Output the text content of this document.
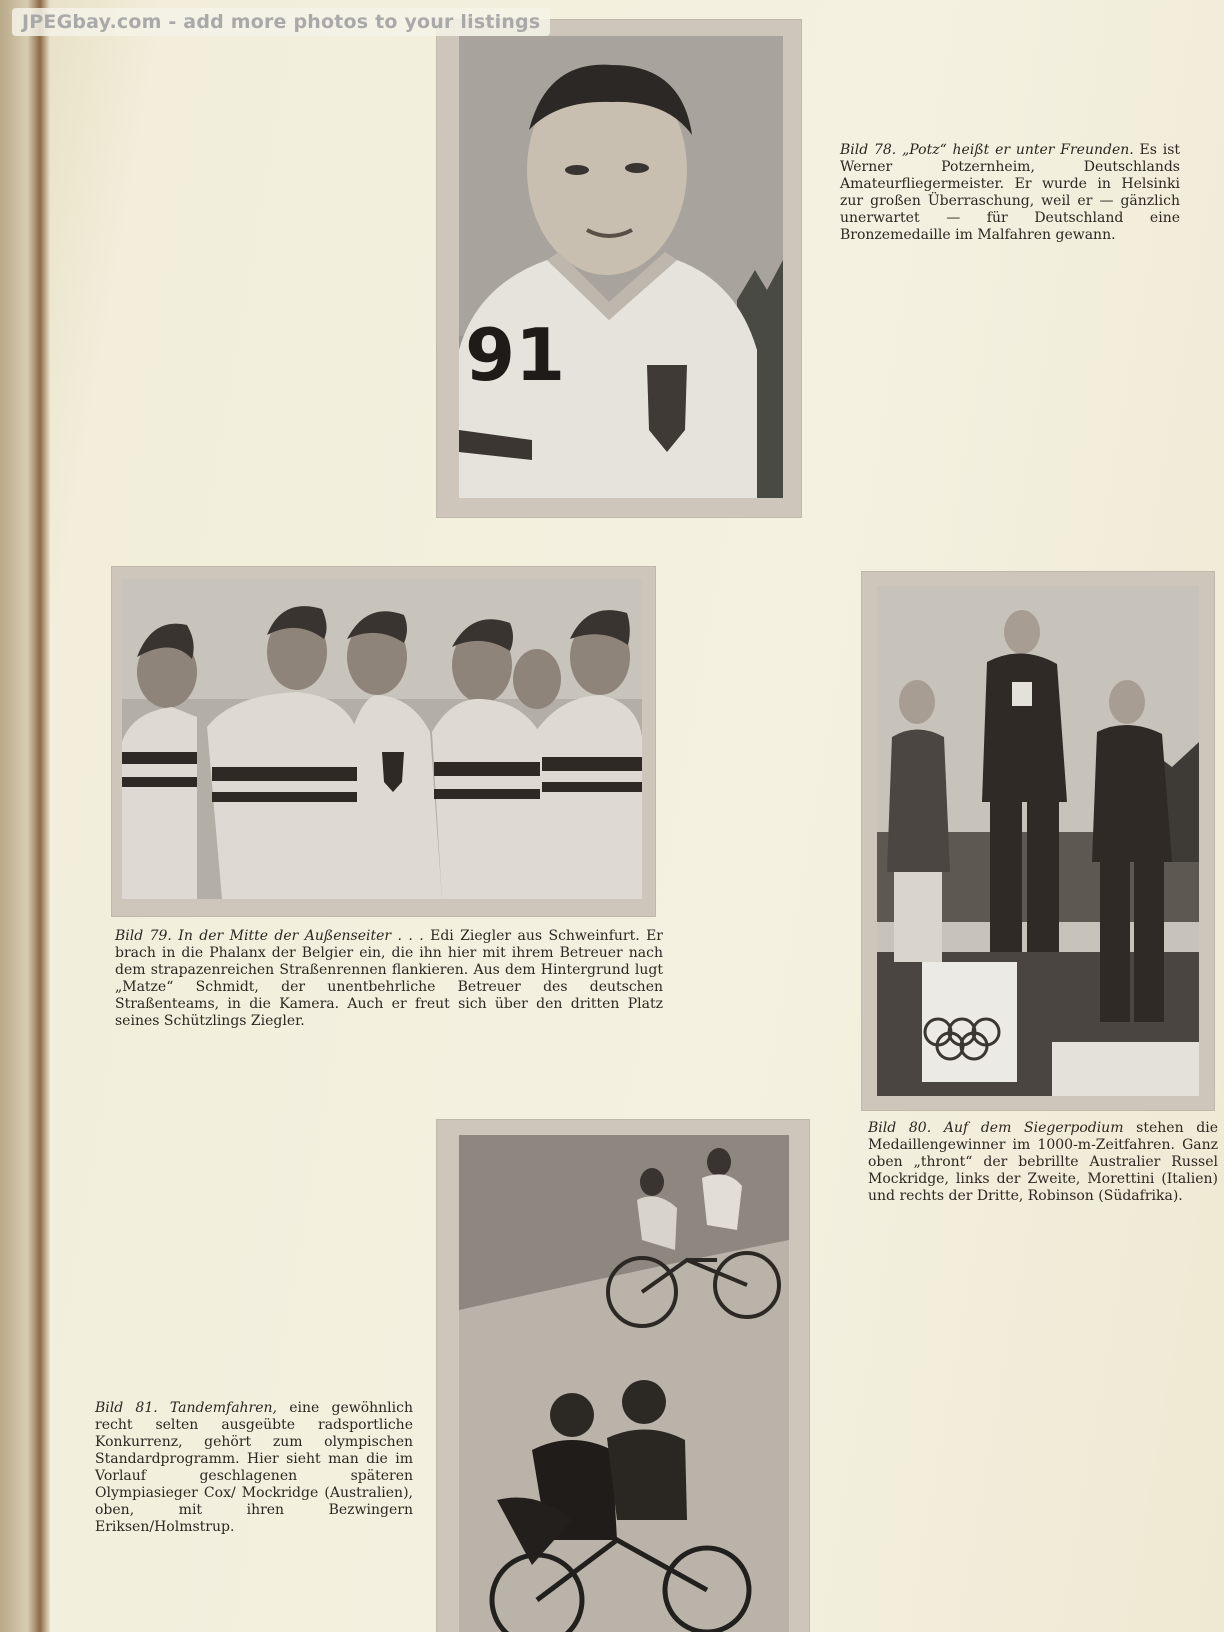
JPEGbay.com - add more photos to your listings
91
Bild 78. „Potz“ heißt er unter Freunden. Es ist Werner Potzernheim, Deutschlands Amateurfliegermeister. Er wurde in Helsinki zur großen Überraschung, weil er — gänzlich unerwartet — für Deutschland eine Bronzemedaille im Malfahren gewann.
Bild 79. In der Mitte der Außenseiter . . . Edi Ziegler aus Schweinfurt. Er brach in die Phalanx der Belgier ein, die ihn hier mit ihrem Betreuer nach dem strapazenreichen Straßenrennen flankieren. Aus dem Hintergrund lugt „Matze“ Schmidt, der unentbehrliche Betreuer des deutschen Straßenteams, in die Kamera. Auch er freut sich über den dritten Platz seines Schützlings Ziegler.
Bild 80. Auf dem Siegerpodium stehen die Medaillengewinner im 1000-m-Zeitfahren. Ganz oben „thront“ der bebrillte Australier Russel Mockridge, links der Zweite, Morettini (Italien) und rechts der Dritte, Robinson (Südafrika).
Bild 81. Tandemfahren, eine gewöhnlich recht selten ausgeübte radsportliche Konkurrenz, gehört zum olympischen Standardprogramm. Hier sieht man die im Vorlauf geschlagenen späteren Olympiasieger Cox/ Mockridge (Australien), oben, mit ihren Bezwingern Eriksen/Holmstrup.
